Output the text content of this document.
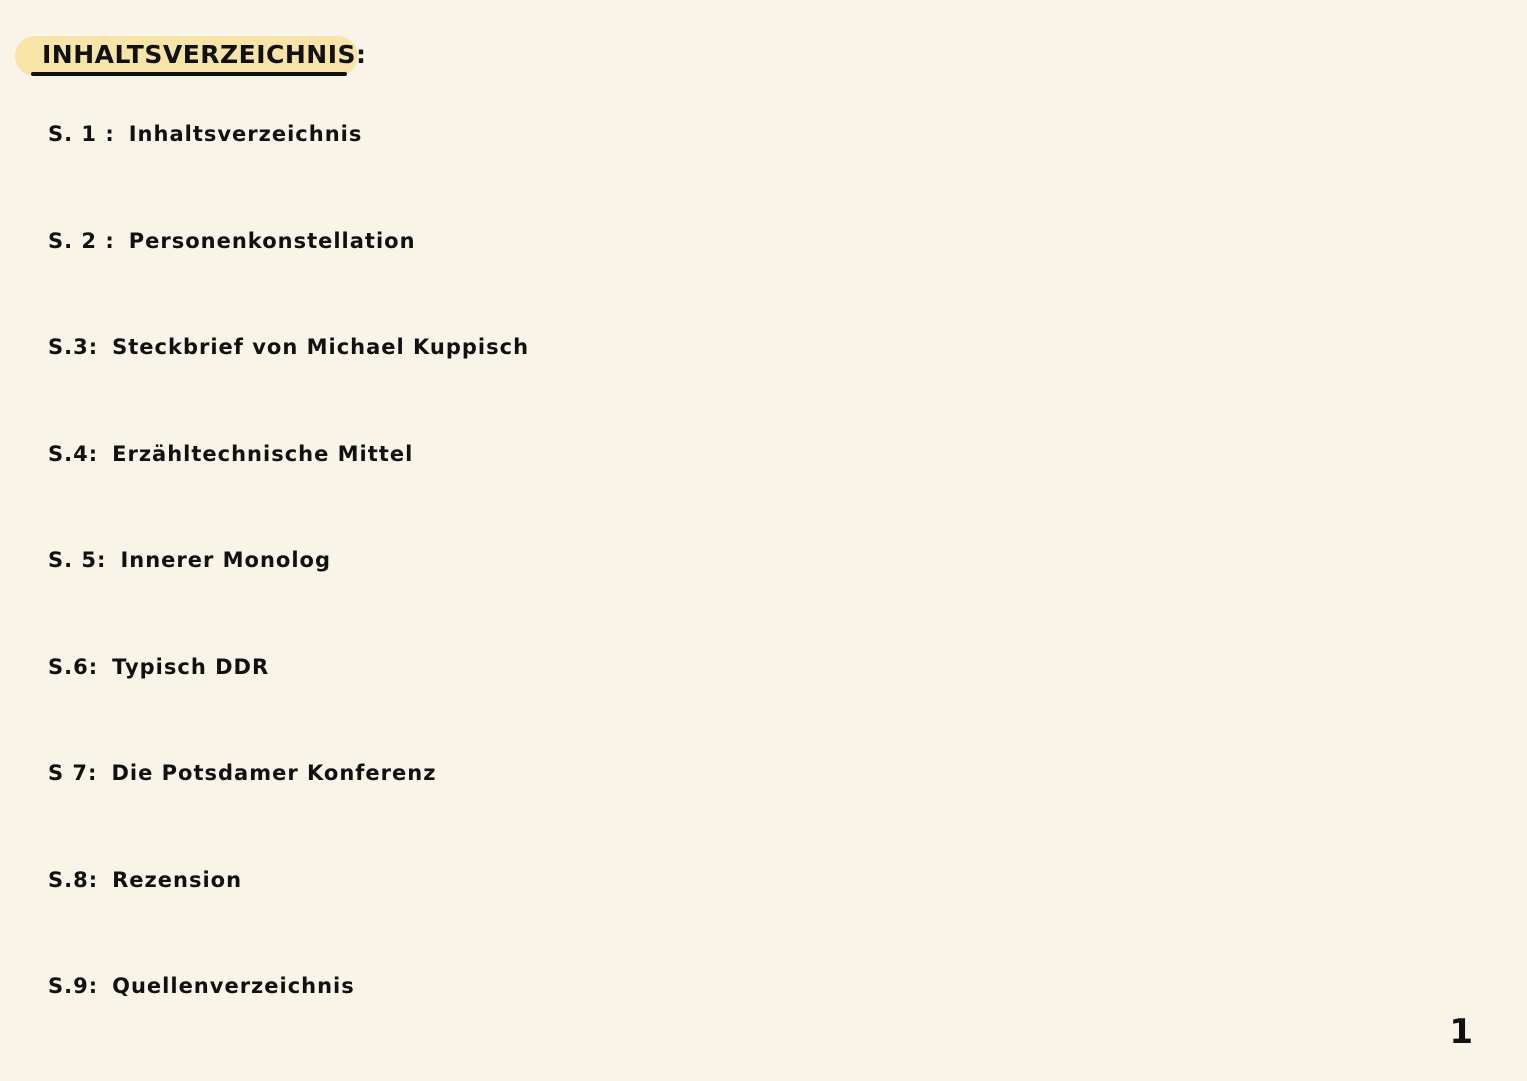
INHALTSVERZEICHNIS:
S. 1 : Inhaltsverzeichnis
S. 2 : Personenkonstellation
S.3: Steckbrief von Michael Kuppisch
S.4: Erzähltechnische Mittel
S. 5: Innerer Monolog
S.6: Typisch DDR
S 7: Die Potsdamer Konferenz
S.8: Rezension
S.9: Quellenverzeichnis
1
